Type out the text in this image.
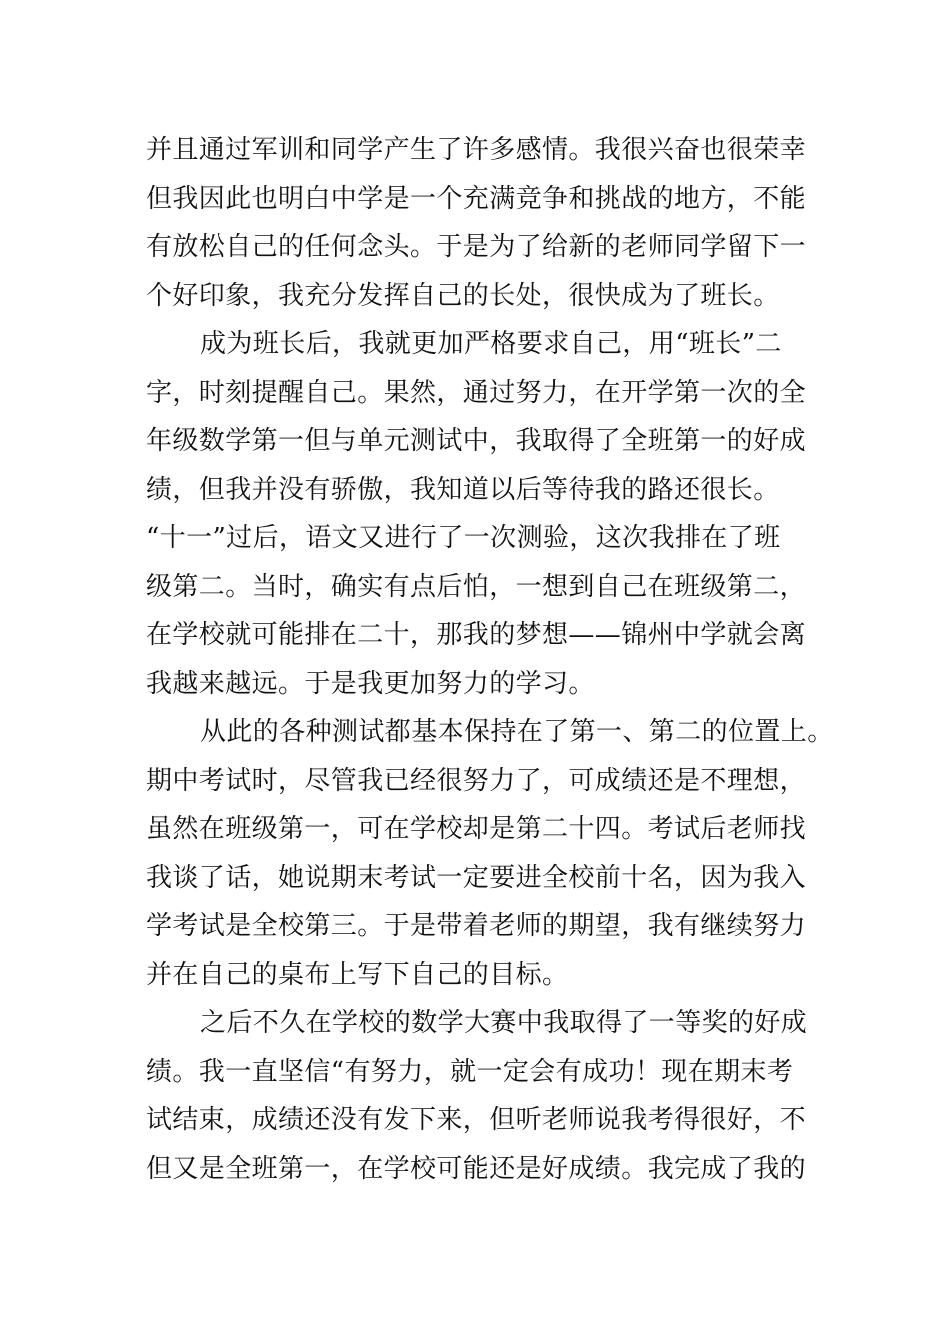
并且通过军训和同学产生了许多感情。我很兴奋也很荣幸
但我因此也明白中学是一个充满竞争和挑战的地方，不能
有放松自己的任何念头。于是为了给新的老师同学留下一
个好印象，我充分发挥自己的长处，很快成为了班长。
成为班长后，我就更加严格要求自己，用“班长”二
字，时刻提醒自己。果然，通过努力，在开学第一次的全
年级数学第一但与单元测试中，我取得了全班第一的好成
绩，但我并没有骄傲，我知道以后等待我的路还很长。
“十一”过后，语文又进行了一次测验，这次我排在了班
级第二。当时，确实有点后怕，一想到自己在班级第二，
在学校就可能排在二十，那我的梦想——锦州中学就会离
我越来越远。于是我更加努力的学习。
从此的各种测试都基本保持在了第一、第二的位置上。
期中考试时，尽管我已经很努力了，可成绩还是不理想，
虽然在班级第一，可在学校却是第二十四。考试后老师找
我谈了话，她说期末考试一定要进全校前十名，因为我入
学考试是全校第三。于是带着老师的期望，我有继续努力
并在自己的桌布上写下自己的目标。
之后不久在学校的数学大赛中我取得了一等奖的好成
绩。我一直坚信“有努力，就一定会有成功！现在期末考
试结束，成绩还没有发下来，但听老师说我考得很好，不
但又是全班第一，在学校可能还是好成绩。我完成了我的
